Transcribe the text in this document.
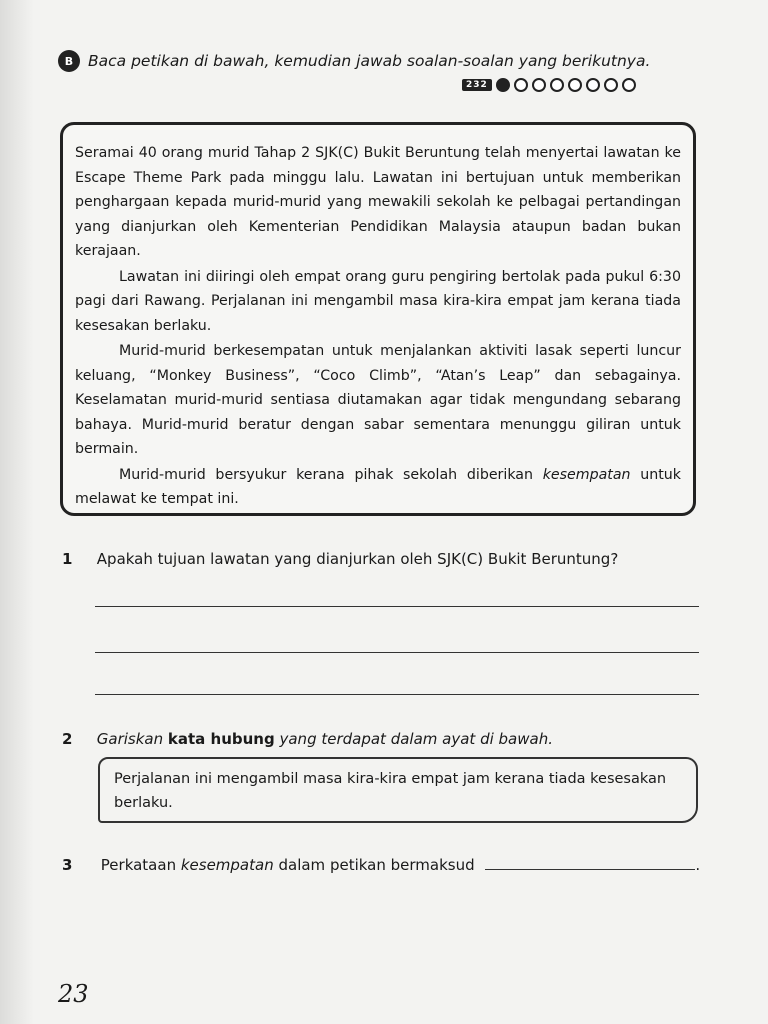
B Baca petikan di bawah, kemudian jawab soalan-soalan yang berikutnya.
232

Seramai 40 orang murid Tahap 2 SJK(C) Bukit Beruntung telah menyertai lawatan ke Escape Theme Park pada minggu lalu. Lawatan ini bertujuan untuk memberikan penghargaan kepada murid-murid yang mewakili sekolah ke pelbagai pertandingan yang dianjurkan oleh Kementerian Pendidikan Malaysia ataupun badan bukan kerajaan.

Lawatan ini diiringi oleh empat orang guru pengiring bertolak pada pukul 6:30 pagi dari Rawang. Perjalanan ini mengambil masa kira-kira empat jam kerana tiada kesesakan berlaku.

Murid-murid berkesempatan untuk menjalankan aktiviti lasak seperti luncur keluang, “Monkey Business”, “Coco Climb”, “Atan’s Leap” dan sebagainya. Keselamatan murid-murid sentiasa diutamakan agar tidak mengundang sebarang bahaya. Murid-murid beratur dengan sabar sementara menunggu giliran untuk bermain.

Murid-murid bersyukur kerana pihak sekolah diberikan kesempatan untuk melawat ke tempat ini.

1 Apakah tujuan lawatan yang dianjurkan oleh SJK(C) Bukit Beruntung?
2 Gariskan kata hubung yang terdapat dalam ayat di bawah.
Perjalanan ini mengambil masa kira-kira empat jam kerana tiada kesesakan berlaku.
3 Perkataan kesempatan dalam petikan bermaksud	.
23
